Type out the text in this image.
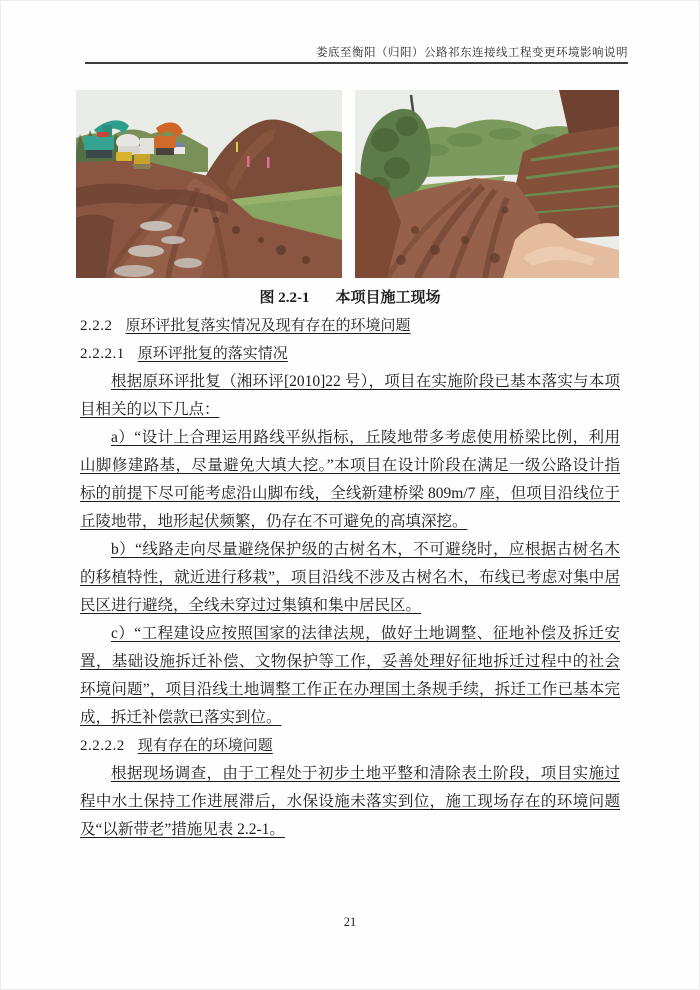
娄底至衡阳（归阳）公路祁东连接线工程变更环境影响说明
图 2.2-1 本项目施工现场
2.2.2 原环评批复落实情况及现有存在的环境问题
2.2.2.1 原环评批复的落实情况

根据原环评批复（湘环评[2010]22 号），项目在实施阶段已基本落实与本项目相关的以下几点：

a）“设计上合理运用路线平纵指标，丘陵地带多考虑使用桥梁比例，利用山脚修建路基，尽量避免大填大挖。”本项目在设计阶段在满足一级公路设计指标的前提下尽可能考虑沿山脚布线，全线新建桥梁 809m/7 座，但项目沿线位于丘陵地带，地形起伏频繁，仍存在不可避免的高填深挖。

b）“线路走向尽量避绕保护级的古树名木，不可避绕时，应根据古树名木的移植特性，就近进行移栽”，项目沿线不涉及古树名木，布线已考虑对集中居民区进行避绕，全线未穿过过集镇和集中居民区。

c）“工程建设应按照国家的法律法规，做好土地调整、征地补偿及拆迁安置，基础设施拆迁补偿、文物保护等工作，妥善处理好征地拆迁过程中的社会环境问题”，项目沿线土地调整工作正在办理国土条规手续，拆迁工作已基本完成，拆迁补偿款已落实到位。

2.2.2.2 现有存在的环境问题

根据现场调查，由于工程处于初步土地平整和清除表土阶段，项目实施过程中水土保持工作进展滞后，水保设施未落实到位，施工现场存在的环境问题及“以新带老”措施见表 2.2-1。

21
